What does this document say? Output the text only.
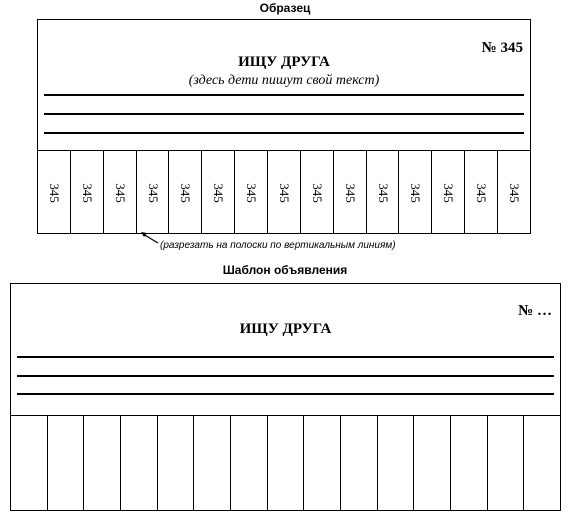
Образец
№ 345
ИЩУ ДРУГА
(здесь дети пишут свой текст)
345 345 345 345 345 345 345 345 345 345 345 345 345 345 345
(разрезать на полоски по вертикальным линиям)
Шаблон объявления
№ …
ИЩУ ДРУГА
